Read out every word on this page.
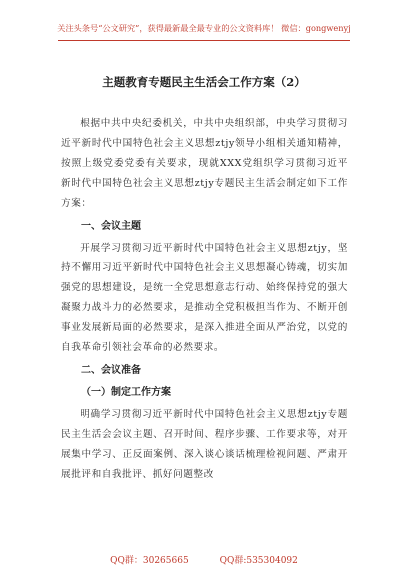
关注头条号“公文研究”，获得最新最全最专业的公文资料库！ 微信：gongwenyj
主题教育专题民主生活会工作方案（2）

根据中共中央纪委机关，中共中央组织部，中央学习贯彻习近平新时代中国特色社会主义思想ztjy领导小组相关通知精神，按照上级党委党委有关要求，现就XXX党组织学习贯彻习近平新时代中国特色社会主义思想ztjy专题民主生活会制定如下工作方案：

一、会议主题

开展学习贯彻习近平新时代中国特色社会主义思想ztjy，坚持不懈用习近平新时代中国特色社会主义思想凝心铸魂，切实加强党的思想建设，是统一全党思想意志行动、始终保持党的强大凝聚力战斗力的必然要求，是推动全党积极担当作为、不断开创事业发展新局面的必然要求，是深入推进全面从严治党，以党的自我革命引领社会革命的必然要求。

二、会议准备

（一）制定工作方案

明确学习贯彻习近平新时代中国特色社会主义思想ztjy专题民主生活会会议主题、召开时间、程序步骤、工作要求等，对开展集中学习、正反面案例、深入谈心谈话梳理检视问题、严肃开展批评和自我批评、抓好问题整改

QQ群：30265665	QQ群:535304092
